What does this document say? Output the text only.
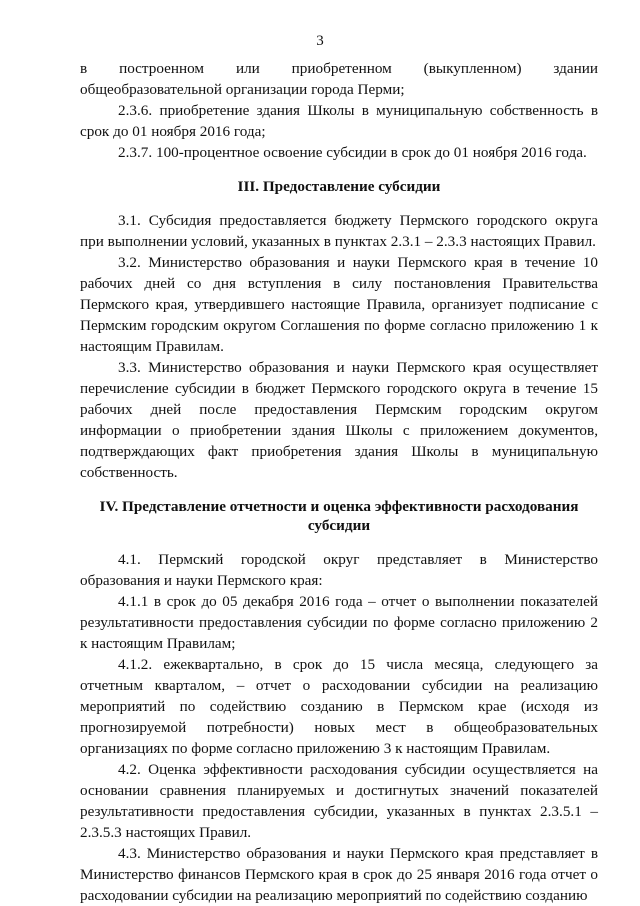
3

в построенном или приобретенном (выкупленном) здании общеобразовательной организации города Перми;

2.3.6. приобретение здания Школы в муниципальную собственность в срок до 01 ноября 2016 года;

2.3.7. 100-процентное освоение субсидии в срок до 01 ноября 2016 года.

III. Предоставление субсидии

3.1. Субсидия предоставляется бюджету Пермского городского округа при выполнении условий, указанных в пунктах 2.3.1 – 2.3.3 настоящих Правил.

3.2. Министерство образования и науки Пермского края в течение 10 рабочих дней со дня вступления в силу постановления Правительства Пермского края, утвердившего настоящие Правила, организует подписание с Пермским городским округом Соглашения по форме согласно приложению 1 к настоящим Правилам.

3.3. Министерство образования и науки Пермского края осуществляет перечисление субсидии в бюджет Пермского городского округа в течение 15 рабочих дней после предоставления Пермским городским округом информации о приобретении здания Школы с приложением документов, подтверждающих факт приобретения здания Школы в муниципальную собственность.

IV. Представление отчетности и оценка эффективности расходования
субсидии

4.1. Пермский городской округ представляет в Министерство образования и науки Пермского края:

4.1.1 в срок до 05 декабря 2016 года – отчет о выполнении показателей результативности предоставления субсидии по форме согласно приложению 2 к настоящим Правилам;

4.1.2. ежеквартально, в срок до 15 числа месяца, следующего за отчетным кварталом, – отчет о расходовании субсидии на реализацию мероприятий по содействию созданию в Пермском крае (исходя из прогнозируемой потребности) новых мест в общеобразовательных организациях по форме согласно приложению 3 к настоящим Правилам.

4.2. Оценка эффективности расходования субсидии осуществляется на основании сравнения планируемых и достигнутых значений показателей результативности предоставления субсидии, указанных в пунктах 2.3.5.1 – 2.3.5.3 настоящих Правил.

4.3. Министерство образования и науки Пермского края представляет в Министерство финансов Пермского края в срок до 25 января 2016 года отчет о расходовании субсидии на реализацию мероприятий по содействию созданию
